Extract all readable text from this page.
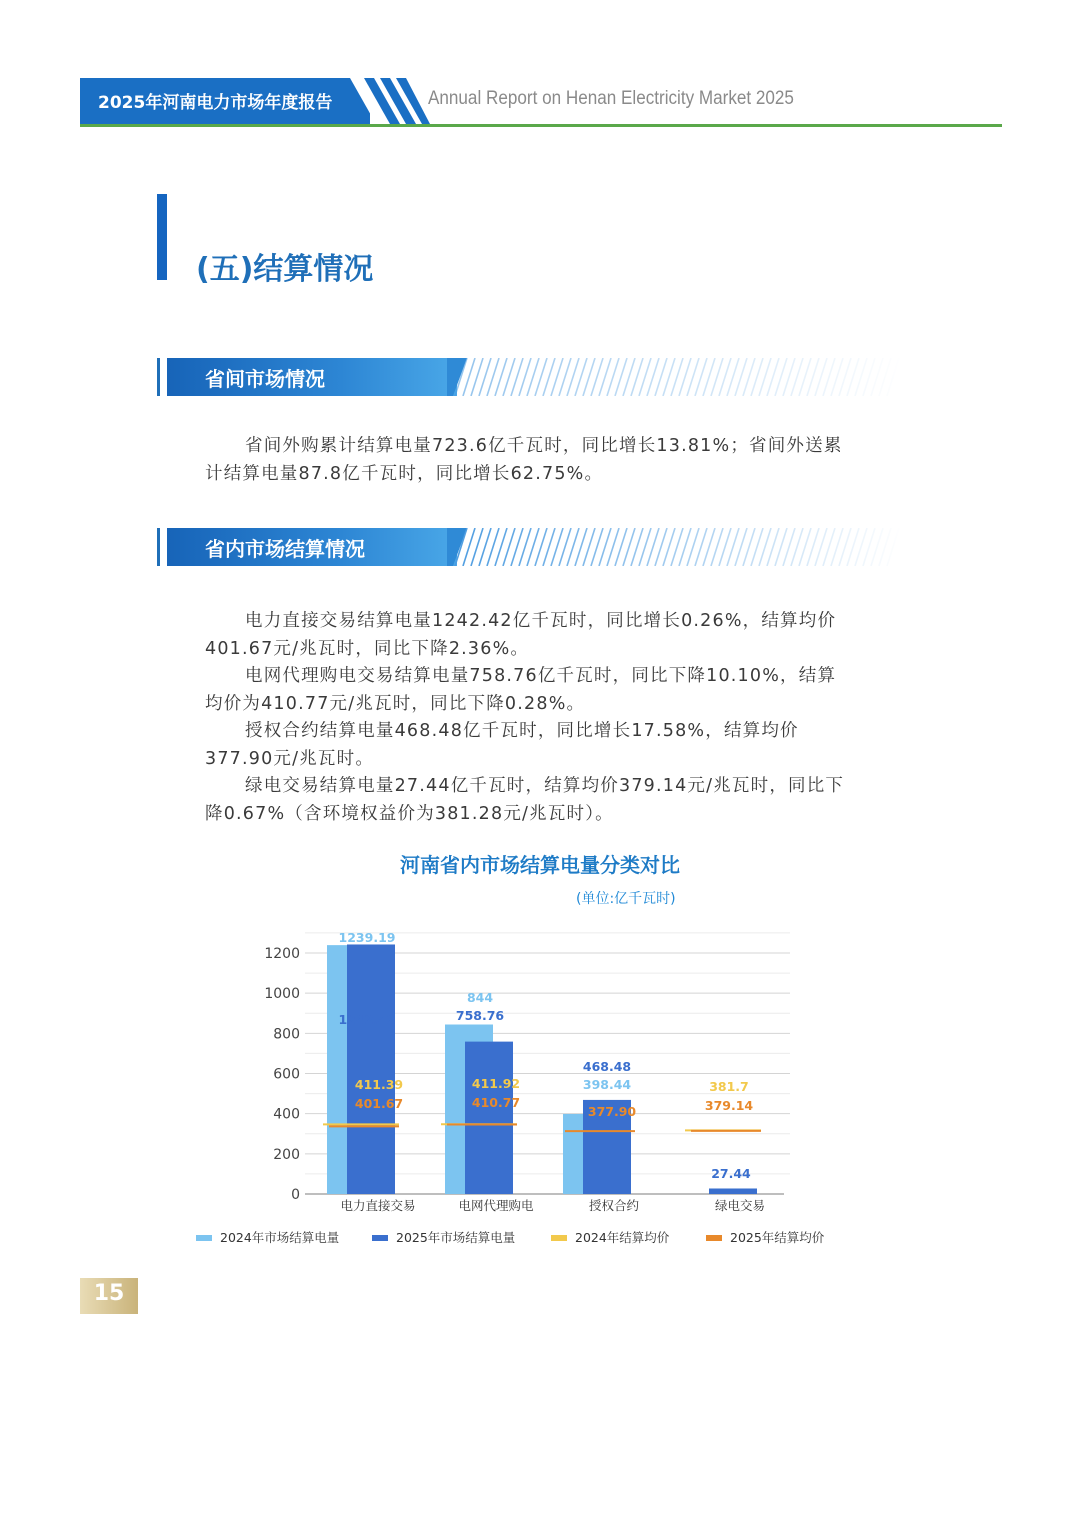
2025年河南电力市场年度报告	Annual Report on Henan Electricity Market 2025
(五)结算情况
省间市场情况

省间外购累计结算电量723.6亿千瓦时，同比增长13.81%；省间外送累计结算电量87.8亿千瓦时，同比增长62.75%。

省内市场结算情况

电力直接交易结算电量1242.42亿千瓦时，同比增长0.26%，结算均价401.67元/兆瓦时，同比下降2.36%。

电网代理购电交易结算电量758.76亿千瓦时，同比下降10.10%，结算均价为410.77元/兆瓦时，同比下降0.28%。

授权合约结算电量468.48亿千瓦时，同比增长17.58%，结算均价377.90元/兆瓦时。

绿电交易结算电量27.44亿千瓦时，结算均价379.14元/兆瓦时，同比下降0.67%（含环境权益价为381.28元/兆瓦时）。

河南省内市场结算电量分类对比
(单位:亿千瓦时)
0
200
400
600
800
1000
1200
电力直接交易	电网代理购电	授权合约	绿电交易
1242.42	758.76
468.48
27.44
1239.19
844
398.44
411.39	411.92	381.7
401.67	410.77
377.90	379.14
2024年市场结算电量	2025年市场结算电量	2024年结算均价	2025年结算均价
15
